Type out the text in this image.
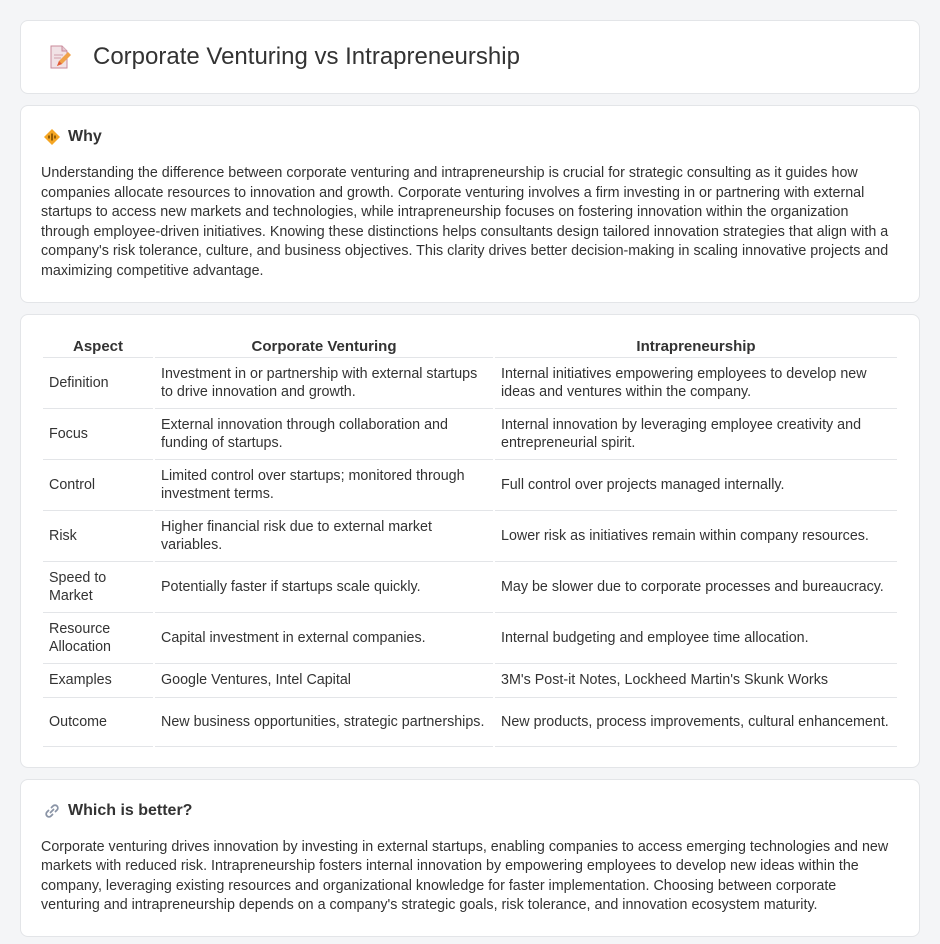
Corporate Venturing vs Intrapreneurship
Why

Understanding the difference between corporate venturing and intrapreneurship is crucial for strategic consulting as it guides how companies allocate resources to innovation and growth. Corporate venturing involves a firm investing in or partnering with external startups to access new markets and technologies, while intrapreneurship focuses on fostering innovation within the organization through employee-driven initiatives. Knowing these distinctions helps consultants design tailored innovation strategies that align with a company's risk tolerance, culture, and business objectives. This clarity drives better decision-making in scaling innovative projects and maximizing competitive advantage.

Aspect	Corporate Venturing	Intrapreneurship
Definition	Investment in or partnership with external startups to drive innovation and growth.	Internal initiatives empowering employees to develop new ideas and ventures within the company.
Focus	External innovation through collaboration and funding of startups.	Internal innovation by leveraging employee creativity and entrepreneurial spirit.
Control	Limited control over startups; monitored through investment terms.	Full control over projects managed internally.
Risk	Higher financial risk due to external market variables.	Lower risk as initiatives remain within company resources.
Speed to Market	Potentially faster if startups scale quickly.	May be slower due to corporate processes and bureaucracy.
Resource Allocation	Capital investment in external companies.	Internal budgeting and employee time allocation.
Examples	Google Ventures, Intel Capital	3M's Post-it Notes, Lockheed Martin's Skunk Works
Outcome	New business opportunities, strategic partnerships.	New products, process improvements, cultural enhancement.
Which is better?

Corporate venturing drives innovation by investing in external startups, enabling companies to access emerging technologies and new markets with reduced risk. Intrapreneurship fosters internal innovation by empowering employees to develop new ideas within the company, leveraging existing resources and organizational knowledge for faster implementation. Choosing between corporate venturing and intrapreneurship depends on a company's strategic goals, risk tolerance, and innovation ecosystem maturity.
